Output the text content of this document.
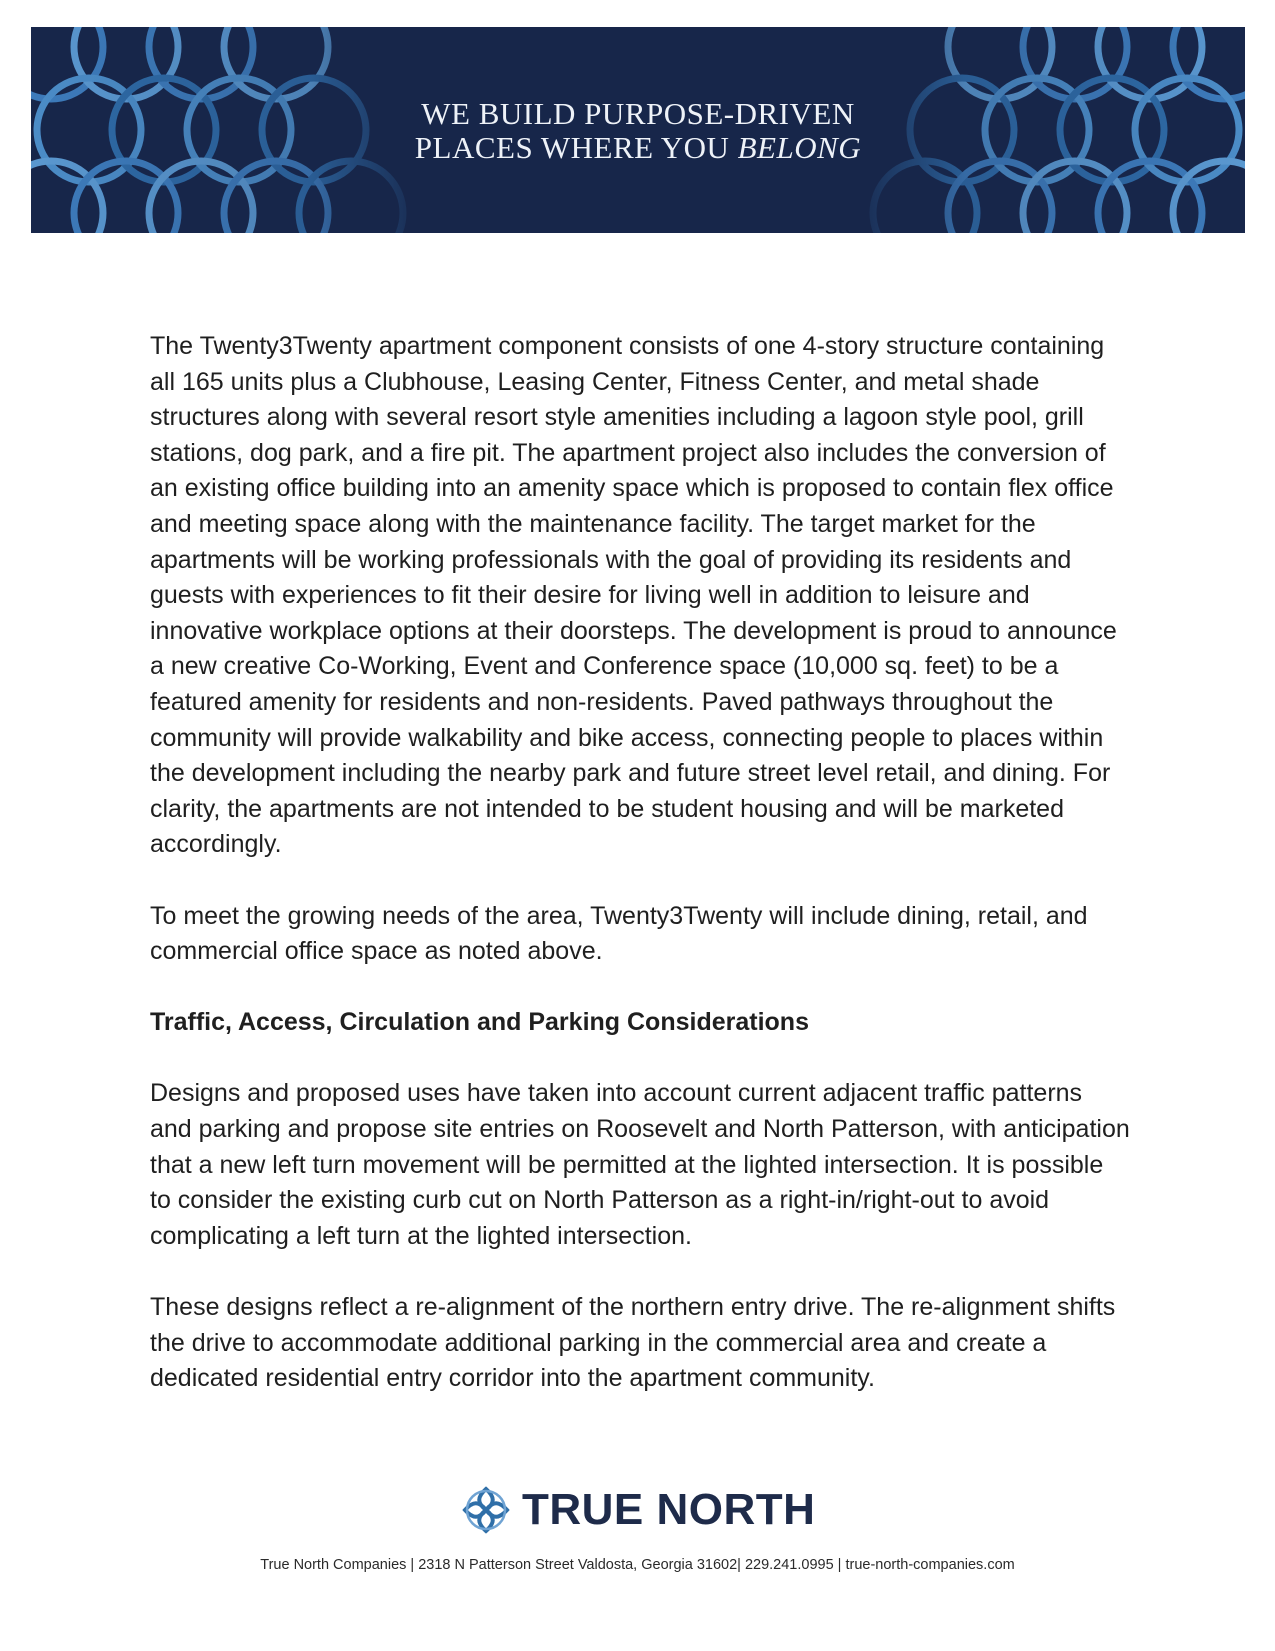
WE BUILD PURPOSE-DRIVEN
PLACES WHERE YOU BELONG

The Twenty3Twenty apartment component consists of one 4-story structure containing all 165 units plus a Clubhouse, Leasing Center, Fitness Center, and metal shade structures along with several resort style amenities including a lagoon style pool, grill stations, dog park, and a fire pit. The apartment project also includes the conversion of an existing office building into an amenity space which is proposed to contain flex office and meeting space along with the maintenance facility. The target market for the apartments will be working professionals with the goal of providing its residents and guests with experiences to fit their desire for living well in addition to leisure and innovative workplace options at their doorsteps. The development is proud to announce a new creative Co-Working, Event and Conference space (10,000 sq. feet) to be a featured amenity for residents and non-residents. Paved pathways throughout the community will provide walkability and bike access, connecting people to places within the development including the nearby park and future street level retail, and dining. For clarity, the apartments are not intended to be student housing and will be marketed accordingly.

To meet the growing needs of the area, Twenty3Twenty will include dining, retail, and commercial office space as noted above.

Traffic, Access, Circulation and Parking Considerations

Designs and proposed uses have taken into account current adjacent traffic patterns and parking and propose site entries on Roosevelt and North Patterson, with anticipation that a new left turn movement will be permitted at the lighted intersection. It is possible to consider the existing curb cut on North Patterson as a right-in/right-out to avoid complicating a left turn at the lighted intersection.

These designs reflect a re-alignment of the northern entry drive. The re-alignment shifts the drive to accommodate additional parking in the commercial area and create a dedicated residential entry corridor into the apartment community.

TRUE NORTH
True North Companies | 2318 N Patterson Street Valdosta, Georgia 31602| 229.241.0995 | true-north-companies.com
